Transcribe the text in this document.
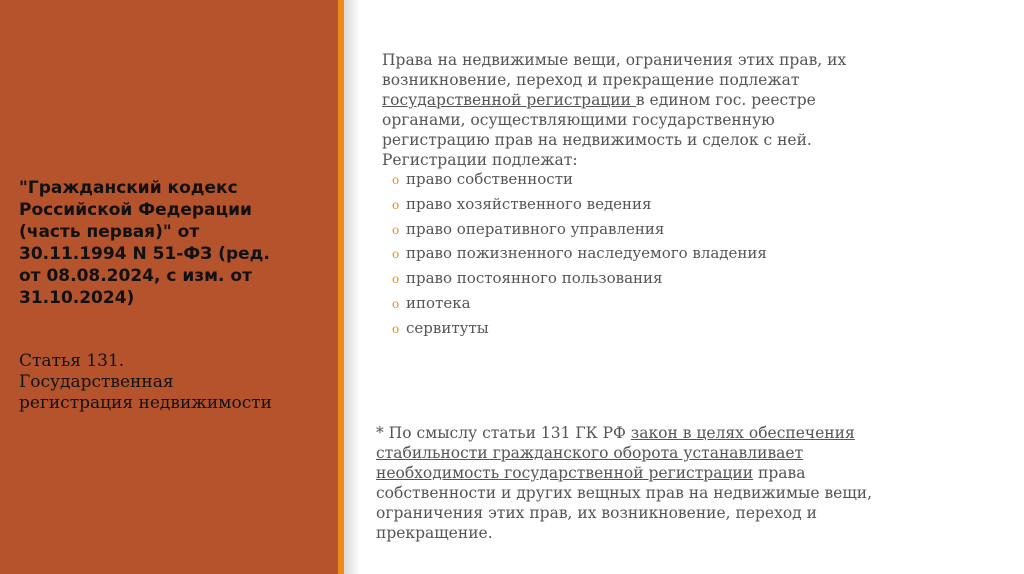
"Гражданский кодекс
Российской Федерации
(часть первая)" от
30.11.1994 N 51-ФЗ (ред.
от 08.08.2024, с изм. от
31.10.2024)
Статья 131.
Государственная
регистрация недвижимости
Права на недвижимые вещи, ограничения этих прав, их
возникновение, переход и прекращение подлежат
государственной регистрации в едином гос. реестре
органами, осуществляющими государственную
регистрацию прав на недвижимость и сделок с ней.
Регистрации подлежат:
o право собственности
o право хозяйственного ведения
o право оперативного управления
o право пожизненного наследуемого владения
o право постоянного пользования
o ипотека
o сервитуты
* По смыслу статьи 131 ГК РФ закон в целях обеспечения
стабильности гражданского оборота устанавливает
необходимость государственной регистрации права
собственности и других вещных прав на недвижимые вещи,
ограничения этих прав, их возникновение, переход и
прекращение.
